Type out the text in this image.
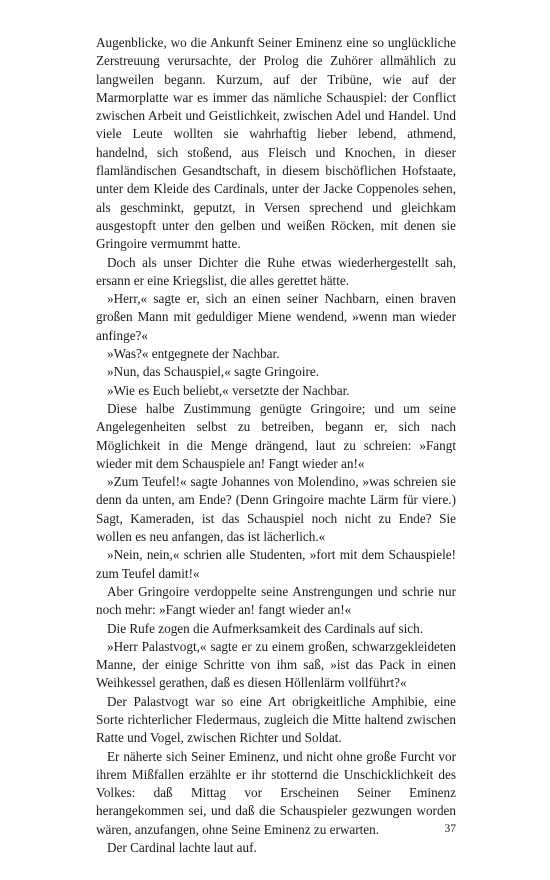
Augenblicke, wo die Ankunft Seiner Eminenz eine so unglückliche Zerstreuung verursachte, der Prolog die Zuhörer allmählich zu langweilen begann. Kurzum, auf der Tribüne, wie auf der Marmorplatte war es immer das nämliche Schauspiel: der Conflict zwischen Arbeit und Geistlichkeit, zwischen Adel und Handel. Und viele Leute wollten sie wahrhaftig lieber lebend, athmend, handelnd, sich stoßend, aus Fleisch und Knochen, in dieser flamländischen Gesandtschaft, in diesem bischöflichen Hofstaate, unter dem Kleide des Cardinals, unter der Jacke Coppenoles sehen, als geschminkt, geputzt, in Versen sprechend und gleichkam ausgestopft unter den gelben und weißen Röcken, mit denen sie Gringoire vermummt hatte.

Doch als unser Dichter die Ruhe etwas wiederhergestellt sah, ersann er eine Kriegslist, die alles gerettet hätte.

»Herr,« sagte er, sich an einen seiner Nachbarn, einen braven großen Mann mit geduldiger Miene wendend, »wenn man wieder anfinge?«

»Was?« entgegnete der Nachbar.

»Nun, das Schauspiel,« sagte Gringoire.

»Wie es Euch beliebt,« versetzte der Nachbar.

Diese halbe Zustimmung genügte Gringoire; und um seine Angelegenheiten selbst zu betreiben, begann er, sich nach Möglichkeit in die Menge drängend, laut zu schreien: »Fangt wieder mit dem Schauspiele an! Fangt wieder an!«

»Zum Teufel!« sagte Johannes von Molendino, »was schreien sie denn da unten, am Ende? (Denn Gringoire machte Lärm für viere.) Sagt, Kameraden, ist das Schauspiel noch nicht zu Ende? Sie wollen es neu anfangen, das ist lächerlich.«

»Nein, nein,« schrien alle Studenten, »fort mit dem Schauspiele! zum Teufel damit!«

Aber Gringoire verdoppelte seine Anstrengungen und schrie nur noch mehr: »Fangt wieder an! fangt wieder an!«

Die Rufe zogen die Aufmerksamkeit des Cardinals auf sich.

»Herr Palastvogt,« sagte er zu einem großen, schwarzgekleideten Manne, der einige Schritte von ihm saß, »ist das Pack in einen Weihkessel gerathen, daß es diesen Höllenlärm vollführt?«

Der Palastvogt war so eine Art obrigkeitliche Amphibie, eine Sorte richterlicher Fledermaus, zugleich die Mitte haltend zwischen Ratte und Vogel, zwischen Richter und Soldat.

Er näherte sich Seiner Eminenz, und nicht ohne große Furcht vor ihrem Mißfallen erzählte er ihr stotternd die Unschicklichkeit des Volkes: daß Mittag vor Erscheinen Seiner Eminenz herangekommen sei, und daß die Schauspieler gezwungen worden wären, anzufangen, ohne Seine Eminenz zu erwarten.

Der Cardinal lachte laut auf.

37
